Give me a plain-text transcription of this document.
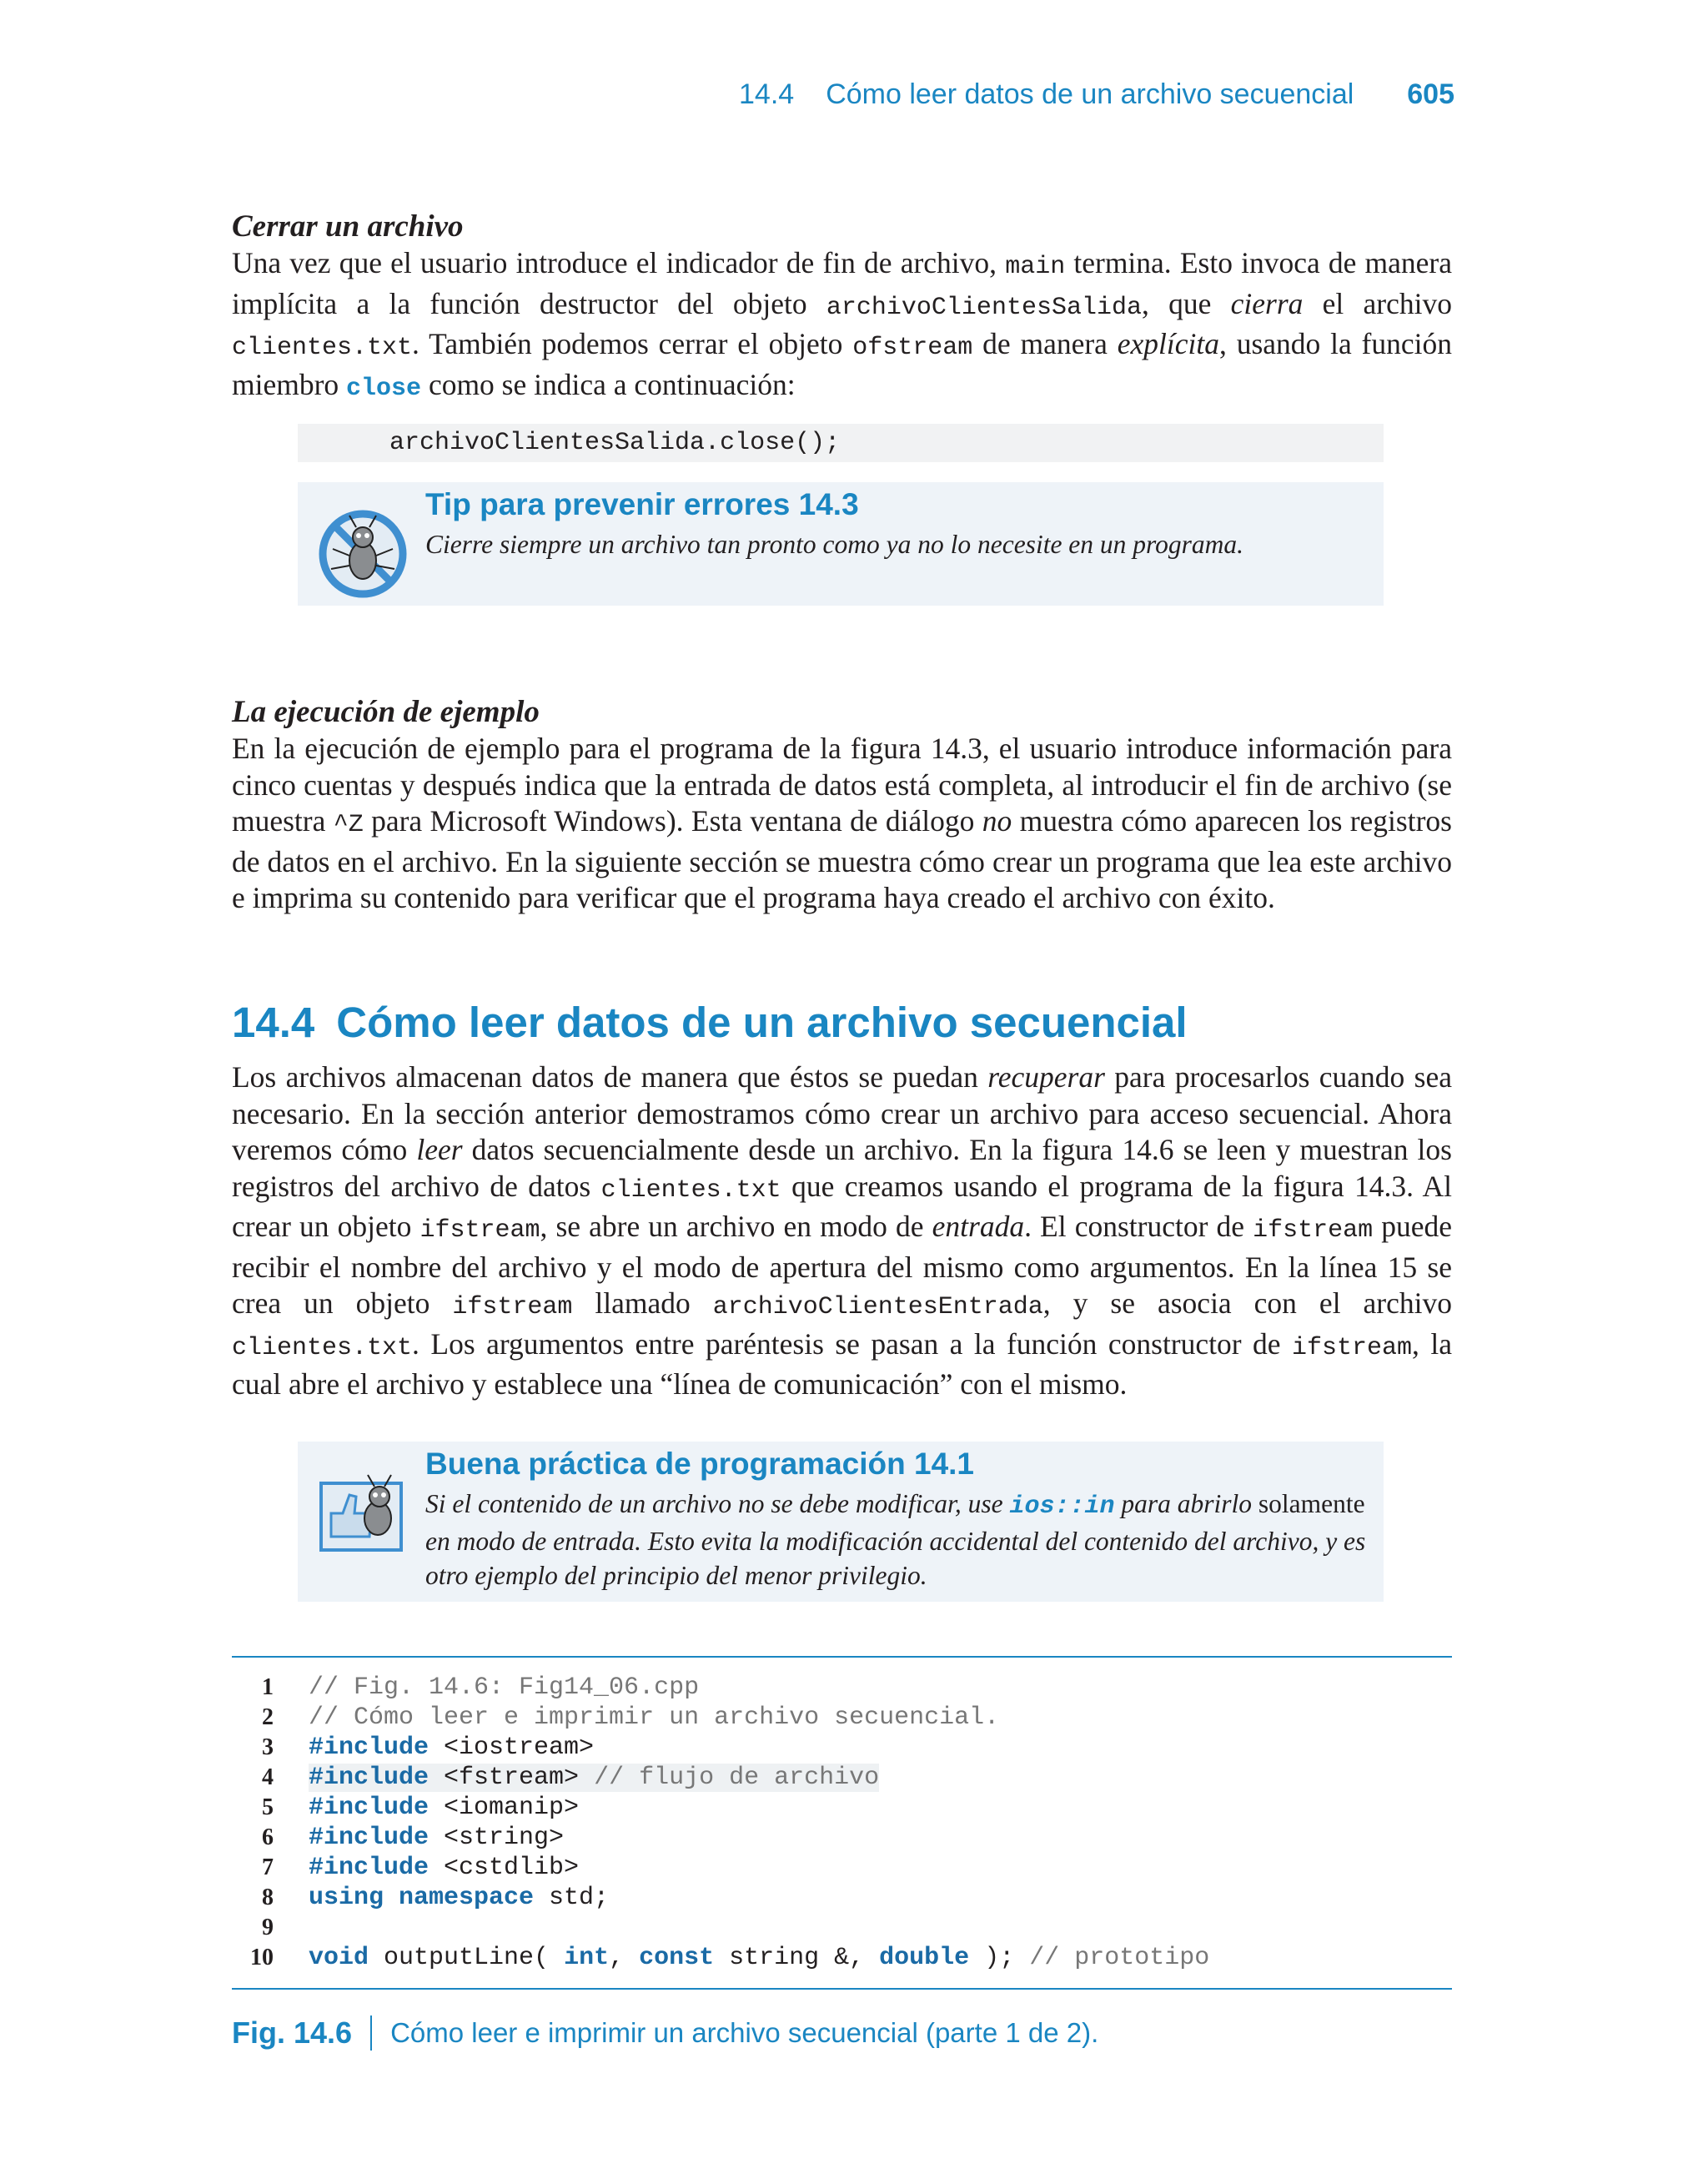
14.4 Cómo leer datos de un archivo secuencial 605
Cerrar un archivo
Una vez que el usuario introduce el indicador de fin de archivo, main termina. Esto invoca de manera implícita a la función destructor del objeto archivoClientesSalida, que cierra el archivo clientes.txt. También podemos cerrar el objeto ofstream de manera explícita, usando la función miembro close como se indica a continuación:
archivoClientesSalida.close();
Tip para prevenir errores 14.3
Cierre siempre un archivo tan pronto como ya no lo necesite en un programa.
La ejecución de ejemplo
En la ejecución de ejemplo para el programa de la figura 14.3, el usuario introduce información para cinco cuentas y después indica que la entrada de datos está completa, al introducir el fin de archivo (se muestra ^Z para Microsoft Windows). Esta ventana de diálogo no muestra cómo aparecen los registros de datos en el archivo. En la siguiente sección se muestra cómo crear un programa que lea este archivo e imprima su contenido para verificar que el programa haya creado el archivo con éxito.
14.4 Cómo leer datos de un archivo secuencial
Los archivos almacenan datos de manera que éstos se puedan recuperar para procesarlos cuando sea necesario. En la sección anterior demostramos cómo crear un archivo para acceso secuencial. Ahora veremos cómo leer datos secuencialmente desde un archivo. En la figura 14.6 se leen y muestran los registros del archivo de datos clientes.txt que creamos usando el programa de la figura 14.3. Al crear un objeto ifstream, se abre un archivo en modo de entrada. El constructor de ifstream puede recibir el nombre del archivo y el modo de apertura del mismo como argumentos. En la línea 15 se crea un objeto ifstream llamado archivoClientesEntrada, y se asocia con el archivo clientes.txt. Los argumentos entre paréntesis se pasan a la función constructor de ifstream, la cual abre el archivo y establece una “línea de comunicación” con el mismo.
Buena práctica de programación 14.1
Si el contenido de un archivo no se debe modificar, use ios::in para abrirlo solamente en modo de entrada. Esto evita la modificación accidental del contenido del archivo, y es otro ejemplo del principio del menor privilegio.
1 // Fig. 14.6: Fig14_06.cpp
2 // Cómo leer e imprimir un archivo secuencial.
3 #include <iostream>
4 #include <fstream> // flujo de archivo
5 #include <iomanip>
6 #include <string>
7 #include <cstdlib>
8 using namespace std;
9
10 void outputLine( int, const string &, double ); // prototipo
Fig. 14.6 Cómo leer e imprimir un archivo secuencial (parte 1 de 2).
